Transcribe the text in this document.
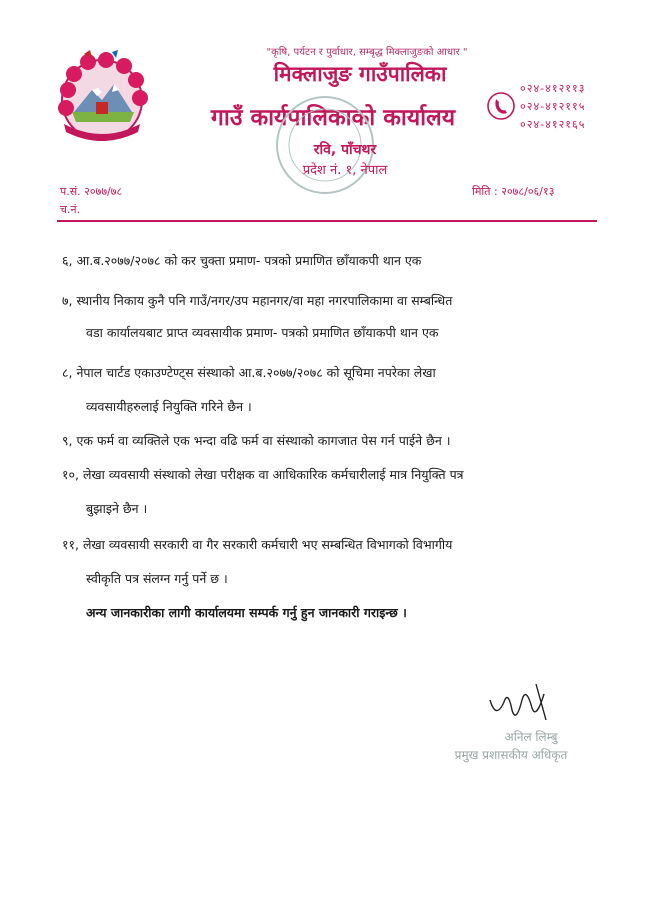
"कृषि, पर्यटन र पुर्वाधार, सम्बृद्ध मिक्लाजुङको आधार "
मिक्लाजुङ गाउँपालिका
गाउँ कार्यपालिकाको कार्यालय
रवि, पाँचथर
प्रदेश नं. १, नेपाल
०२४-४१२११३
०२४-४१२११५
०२४-४१२१६५
प.सं. २०७७/७८
च.नं.
मिति : २०७८/०६/१३
६, आ.ब.२०७७/२०७८ को कर चुक्ता प्रमाण- पत्रको प्रमाणित छाँयाकपी थान एक
७, स्थानीय निकाय कुनै पनि गाउँ/नगर/उप महानगर/वा महा नगरपालिकामा वा सम्बन्धित
वडा कार्यालयबाट प्राप्त व्यवसायीक प्रमाण- पत्रको प्रमाणित छाँयाकपी थान एक
८, नेपाल चार्टड एकाउण्टेण्ट्स संस्थाको आ.ब.२०७७/२०७८ को सूचिमा नपरेका लेखा
व्यवसायीहरुलाई नियुक्ति गरिने छैन ।
९, एक फर्म वा व्यक्तिले एक भन्दा वढि फर्म वा संस्थाको कागजात पेस गर्न पाईने छैन ।
१०, लेखा व्यवसायी संस्थाको लेखा परीक्षक वा आधिकारिक कर्मचारीलाई मात्र नियुक्ति पत्र
बुझाइने छैन ।
११, लेखा व्यवसायी सरकारी वा गैर सरकारी कर्मचारी भए सम्बन्धित विभागको विभागीय
स्वीकृति पत्र संलग्न गर्नु पर्ने छ ।
अन्य जानकारीका लागी कार्यालयमा सम्पर्क गर्नु हुन जानकारी गराइन्छ ।
अनिल लिम्बु
प्रमुख प्रशासकीय अधिकृत
